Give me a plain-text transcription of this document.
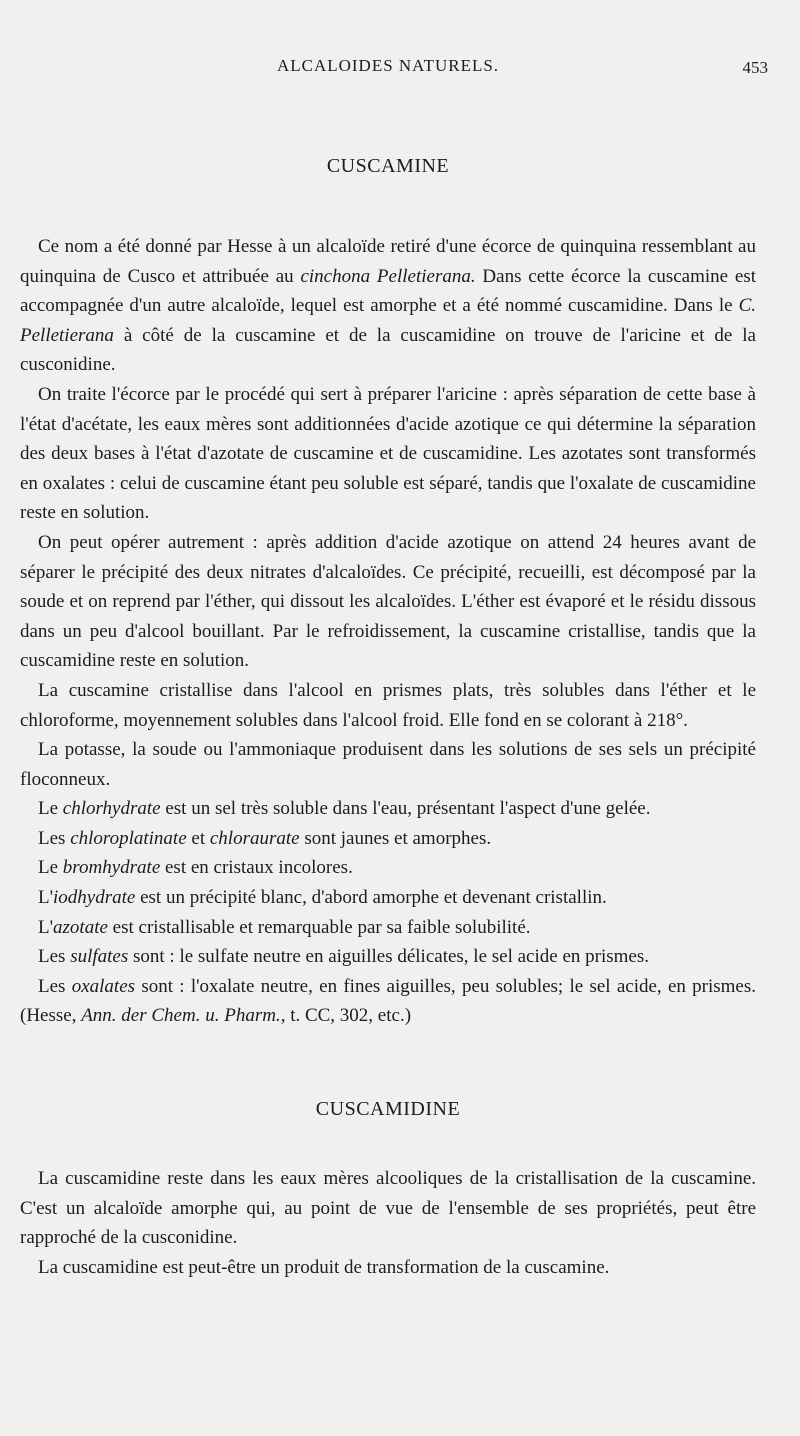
ALCALOIDES NATURELS.	453
CUSCAMINE

Ce nom a été donné par Hesse à un alcaloïde retiré d'une écorce de quinquina ressemblant au quinquina de Cusco et attribuée au cinchona Pelletierana. Dans cette écorce la cuscamine est accompagnée d'un autre alcaloïde, lequel est amorphe et a été nommé cuscamidine. Dans le C. Pelletierana à côté de la cuscamine et de la cuscamidine on trouve de l'aricine et de la cusconidine.

On traite l'écorce par le procédé qui sert à préparer l'aricine : après séparation de cette base à l'état d'acétate, les eaux mères sont additionnées d'acide azotique ce qui détermine la séparation des deux bases à l'état d'azotate de cuscamine et de cuscamidine. Les azotates sont transformés en oxalates : celui de cuscamine étant peu soluble est séparé, tandis que l'oxalate de cuscamidine reste en solution.

On peut opérer autrement : après addition d'acide azotique on attend 24 heures avant de séparer le précipité des deux nitrates d'alcaloïdes. Ce précipité, recueilli, est décomposé par la soude et on reprend par l'éther, qui dissout les alcaloïdes. L'éther est évaporé et le résidu dissous dans un peu d'alcool bouillant. Par le refroidissement, la cuscamine cristallise, tandis que la cuscamidine reste en solution.

La cuscamine cristallise dans l'alcool en prismes plats, très solubles dans l'éther et le chloroforme, moyennement solubles dans l'alcool froid. Elle fond en se colorant à 218°.

La potasse, la soude ou l'ammoniaque produisent dans les solutions de ses sels un précipité floconneux.

Le chlorhydrate est un sel très soluble dans l'eau, présentant l'aspect d'une gelée.

Les chloroplatinate et chloraurate sont jaunes et amorphes.

Le bromhydrate est en cristaux incolores.

L'iodhydrate est un précipité blanc, d'abord amorphe et devenant cristallin.

L'azotate est cristallisable et remarquable par sa faible solubilité.

Les sulfates sont : le sulfate neutre en aiguilles délicates, le sel acide en prismes.

Les oxalates sont : l'oxalate neutre, en fines aiguilles, peu solubles; le sel acide, en prismes. (Hesse, Ann. der Chem. u. Pharm., t. CC, 302, etc.)

CUSCAMIDINE

La cuscamidine reste dans les eaux mères alcooliques de la cristallisation de la cuscamine. C'est un alcaloïde amorphe qui, au point de vue de l'ensemble de ses propriétés, peut être rapproché de la cusconidine.

La cuscamidine est peut-être un produit de transformation de la cuscamine.
